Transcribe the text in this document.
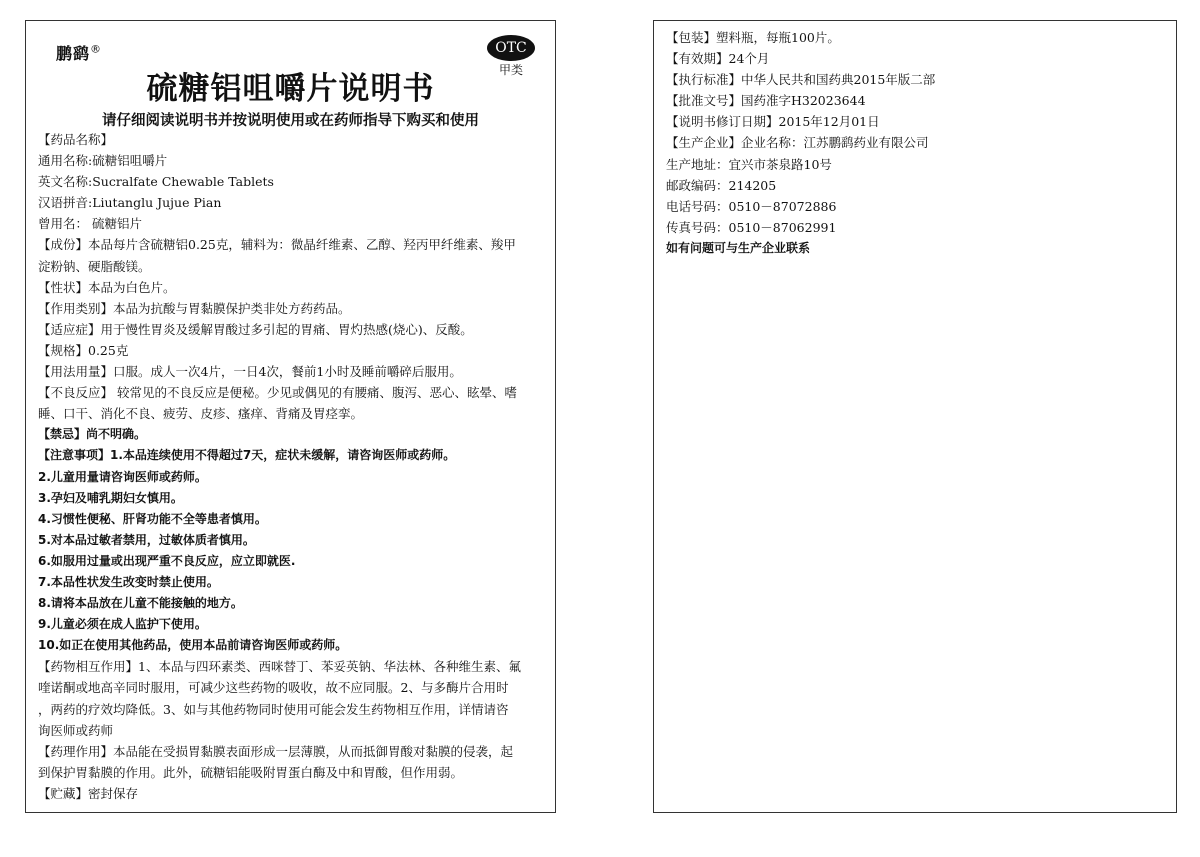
鹏鹞®	OTC
甲类
硫糖铝咀嚼片说明书
请仔细阅读说明书并按说明使用或在药师指导下购买和使用
【药品名称】
通用名称:硫糖铝咀嚼片
英文名称:Sucralfate Chewable Tablets
汉语拼音:Liutanglu Jujue Pian
曾用名： 硫糖铝片
【成份】本品每片含硫糖铝0.25克，辅料为：微晶纤维素、乙醇、羟丙甲纤维素、羧甲
淀粉钠、硬脂酸镁。
【性状】本品为白色片。
【作用类别】本品为抗酸与胃黏膜保护类非处方药药品。
【适应症】用于慢性胃炎及缓解胃酸过多引起的胃痛、胃灼热感(烧心)、反酸。
【规格】0.25克
【用法用量】口服。成人一次4片，一日4次，餐前1小时及睡前嚼碎后服用。
【不良反应】 较常见的不良反应是便秘。少见或偶见的有腰痛、腹泻、恶心、眩晕、嗜
睡、口干、消化不良、疲劳、皮疹、瘙痒、背痛及胃痉挛。
【禁忌】尚不明确。
【注意事项】1.本品连续使用不得超过7天，症状未缓解，请咨询医师或药师。
2.儿童用量请咨询医师或药师。
3.孕妇及哺乳期妇女慎用。
4.习惯性便秘、肝肾功能不全等患者慎用。
5.对本品过敏者禁用，过敏体质者慎用。
6.如服用过量或出现严重不良反应，应立即就医.
7.本品性状发生改变时禁止使用。
8.请将本品放在儿童不能接触的地方。
9.儿童必须在成人监护下使用。
10.如正在使用其他药品，使用本品前请咨询医师或药师。
【药物相互作用】1、本品与四环素类、西咪替丁、苯妥英钠、华法林、各种维生素、氟
喹诺酮或地高辛同时服用，可减少这些药物的吸收，故不应同服。2、与多酶片合用时
，两药的疗效均降低。3、如与其他药物同时使用可能会发生药物相互作用，详情请咨
询医师或药师
【药理作用】本品能在受损胃黏膜表面形成一层薄膜，从而抵御胃酸对黏膜的侵袭，起
到保护胃黏膜的作用。此外，硫糖铝能吸附胃蛋白酶及中和胃酸，但作用弱。
【贮藏】密封保存
【包装】塑料瓶，每瓶100片。
【有效期】24个月
【执行标准】中华人民共和国药典2015年版二部
【批准文号】国药准字H32023644
【说明书修订日期】2015年12月01日
【生产企业】企业名称：江苏鹏鹞药业有限公司
生产地址：宜兴市茶泉路10号
邮政编码：214205
电话号码：0510－87072886
传真号码：0510－87062991
如有问题可与生产企业联系
